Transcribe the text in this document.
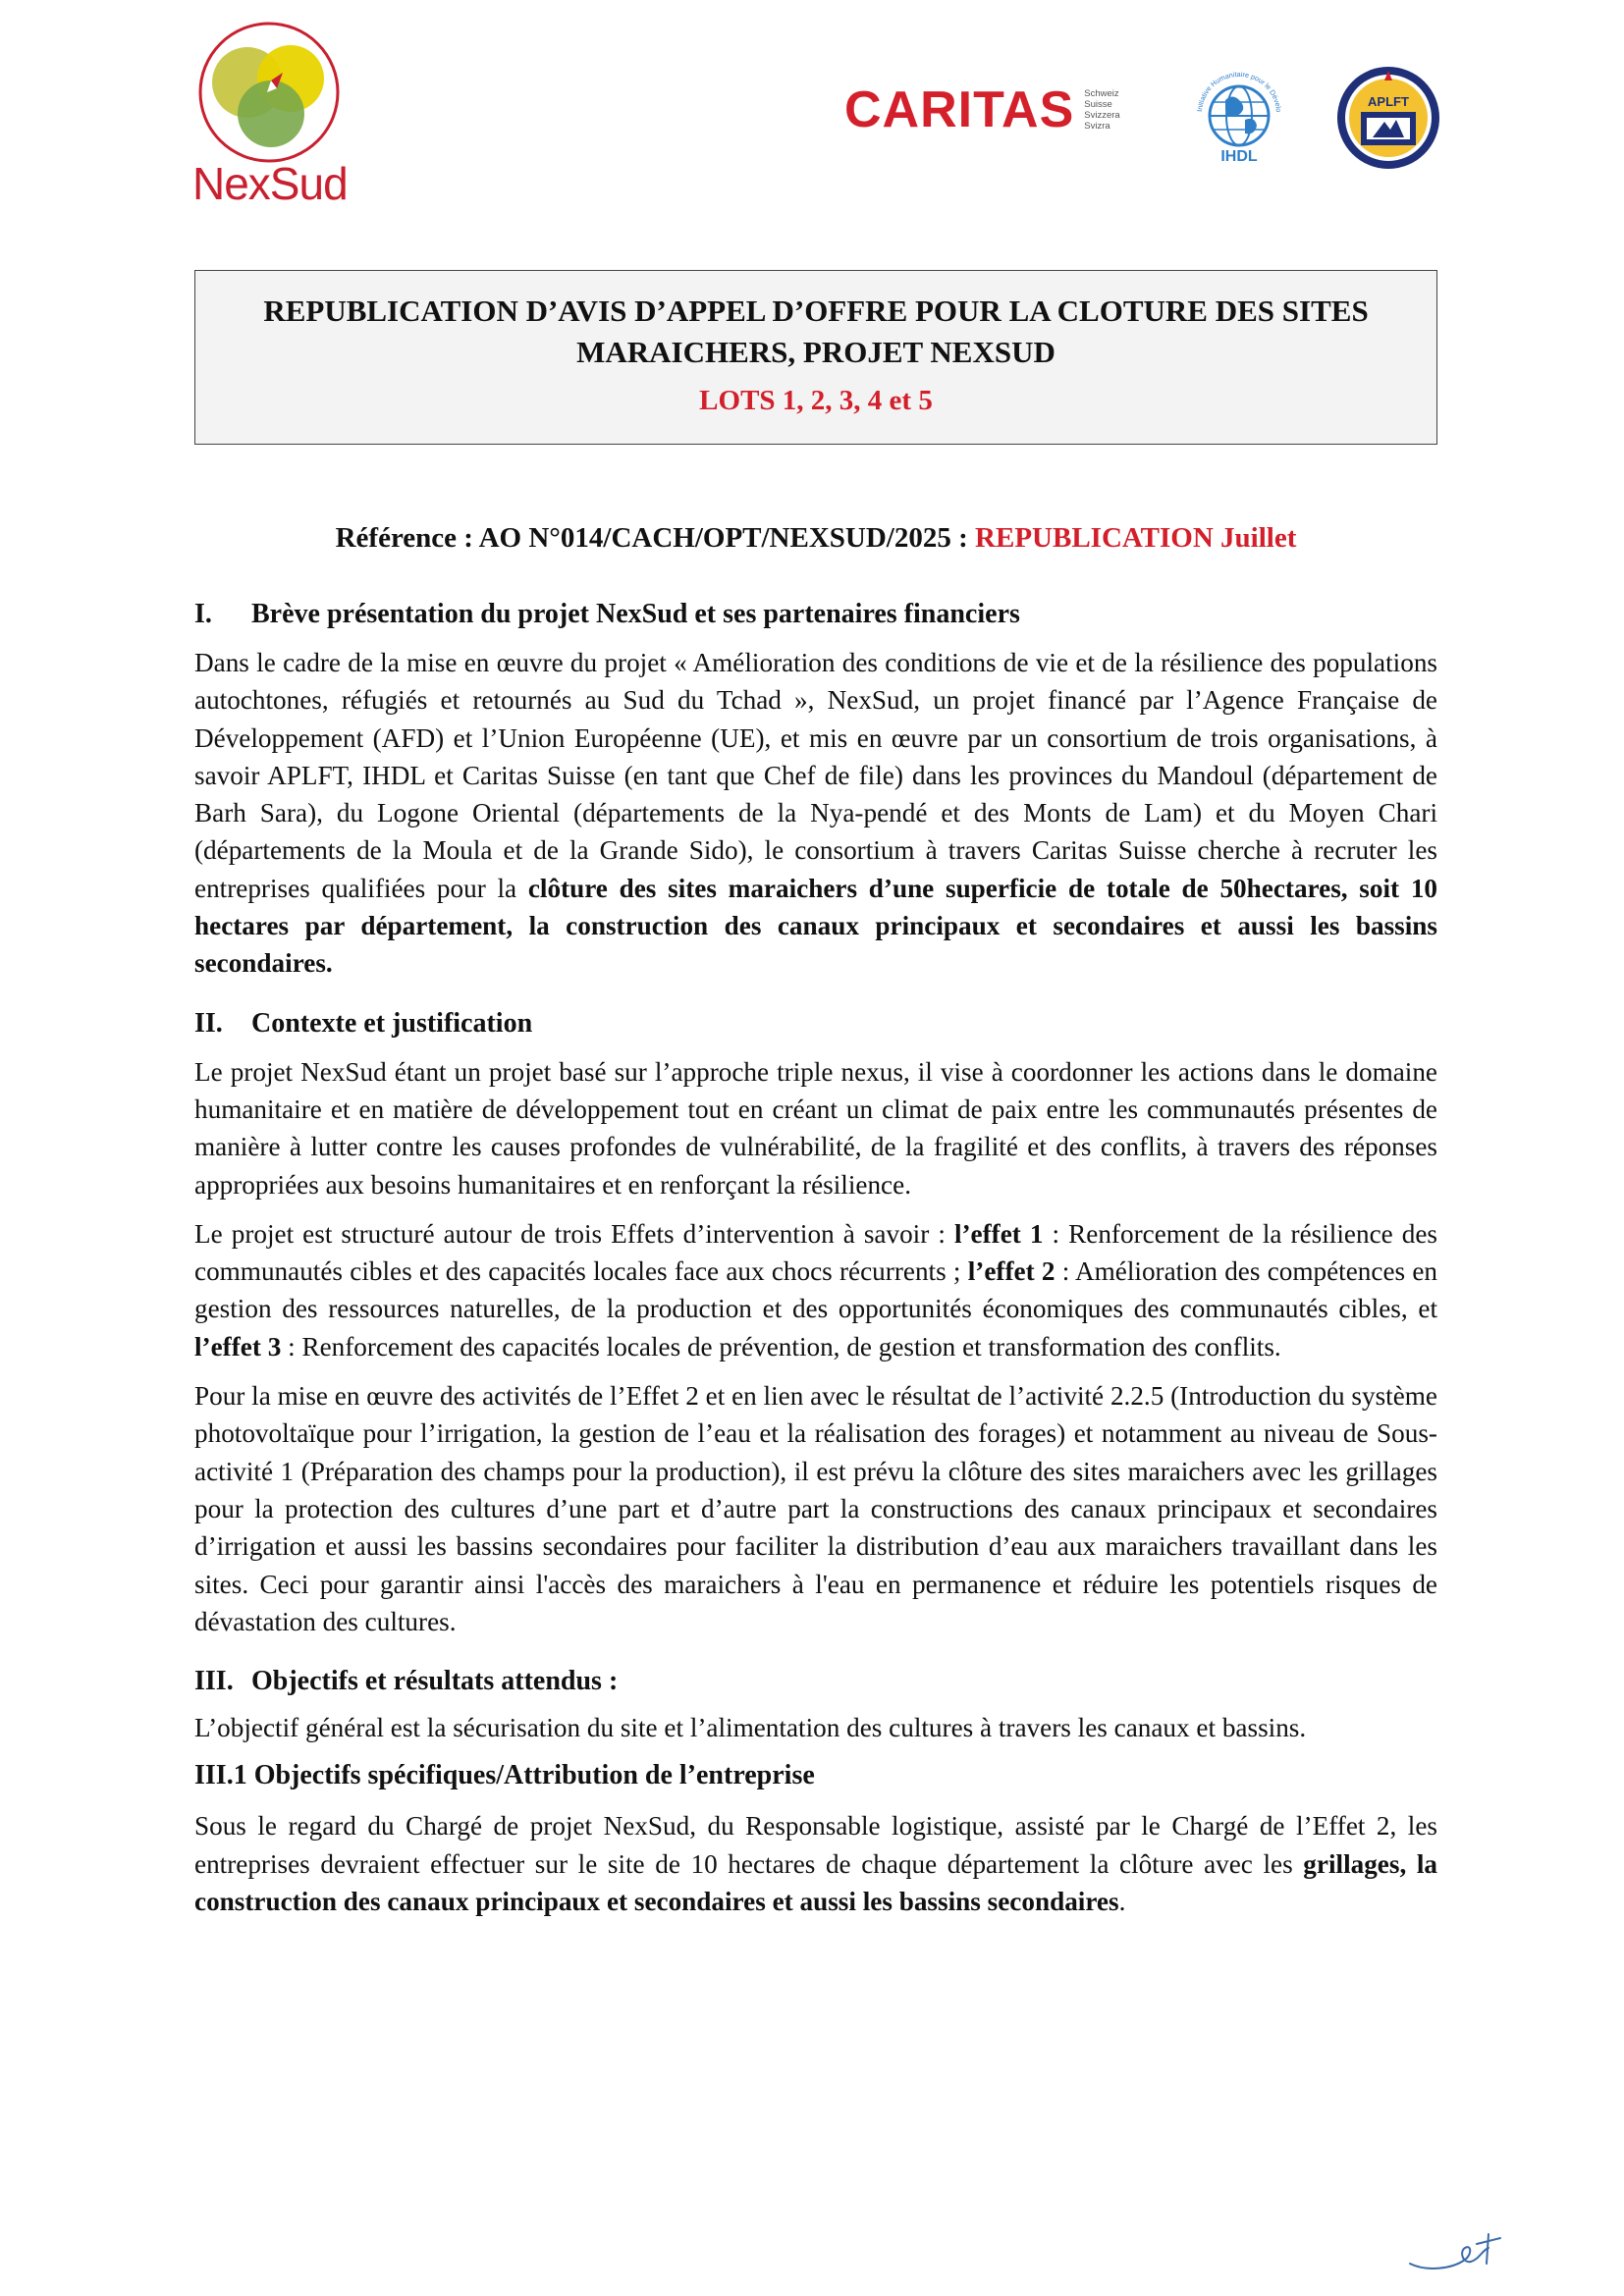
NexSud
CARITAS Schweiz
Suisse
Svizzera
Svizra
Initiative Humanitaire pour le Dévelo
IHDL
APLFT
REPUBLICATION D’AVIS D’APPEL D’OFFRE POUR LA CLOTURE DES SITES
MARAICHERS, PROJET NEXSUD
LOTS 1, 2, 3, 4 et 5
Référence : AO N°014/CACH/OPT/NEXSUD/2025 : REPUBLICATION Juillet
I. Brève présentation du projet NexSud et ses partenaires financiers

Dans le cadre de la mise en œuvre du projet « Amélioration des conditions de vie et de la résilience des populations autochtones, réfugiés et retournés au Sud du Tchad », NexSud, un projet financé par l’Agence Française de Développement (AFD) et l’Union Européenne (UE), et mis en œuvre par un consortium de trois organisations, à savoir APLFT, IHDL et Caritas Suisse (en tant que Chef de file) dans les provinces du Mandoul (département de Barh Sara), du Logone Oriental (départements de la Nya-pendé et des Monts de Lam) et du Moyen Chari (départements de la Moula et de la Grande Sido), le consortium à travers Caritas Suisse cherche à recruter les entreprises qualifiées pour la clôture des sites maraichers d’une superficie de totale de 50hectares, soit 10 hectares par département, la construction des canaux principaux et secondaires et aussi les bassins secondaires.

II. Contexte et justification

Le projet NexSud étant un projet basé sur l’approche triple nexus, il vise à coordonner les actions dans le domaine humanitaire et en matière de développement tout en créant un climat de paix entre les communautés présentes de manière à lutter contre les causes profondes de vulnérabilité, de la fragilité et des conflits, à travers des réponses appropriées aux besoins humanitaires et en renforçant la résilience.

Le projet est structuré autour de trois Effets d’intervention à savoir : l’effet 1 : Renforcement de la résilience des communautés cibles et des capacités locales face aux chocs récurrents ; l’effet 2 : Amélioration des compétences en gestion des ressources naturelles, de la production et des opportunités économiques des communautés cibles, et l’effet 3 : Renforcement des capacités locales de prévention, de gestion et transformation des conflits.

Pour la mise en œuvre des activités de l’Effet 2 et en lien avec le résultat de l’activité 2.2.5 (Introduction du système photovoltaïque pour l’irrigation, la gestion de l’eau et la réalisation des forages) et notamment au niveau de Sous-activité 1 (Préparation des champs pour la production), il est prévu la clôture des sites maraichers avec les grillages pour la protection des cultures d’une part et d’autre part la constructions des canaux principaux et secondaires d’irrigation et aussi les bassins secondaires pour faciliter la distribution d’eau aux maraichers travaillant dans les sites. Ceci pour garantir ainsi l'accès des maraichers à l'eau en permanence et réduire les potentiels risques de dévastation des cultures.

III. Objectifs et résultats attendus :

L’objectif général est la sécurisation du site et l’alimentation des cultures à travers les canaux et bassins.

III.1 Objectifs spécifiques/Attribution de l’entreprise

Sous le regard du Chargé de projet NexSud, du Responsable logistique, assisté par le Chargé de l’Effet 2, les entreprises devraient effectuer sur le site de 10 hectares de chaque département la clôture avec les grillages, la construction des canaux principaux et secondaires et aussi les bassins secondaires.
